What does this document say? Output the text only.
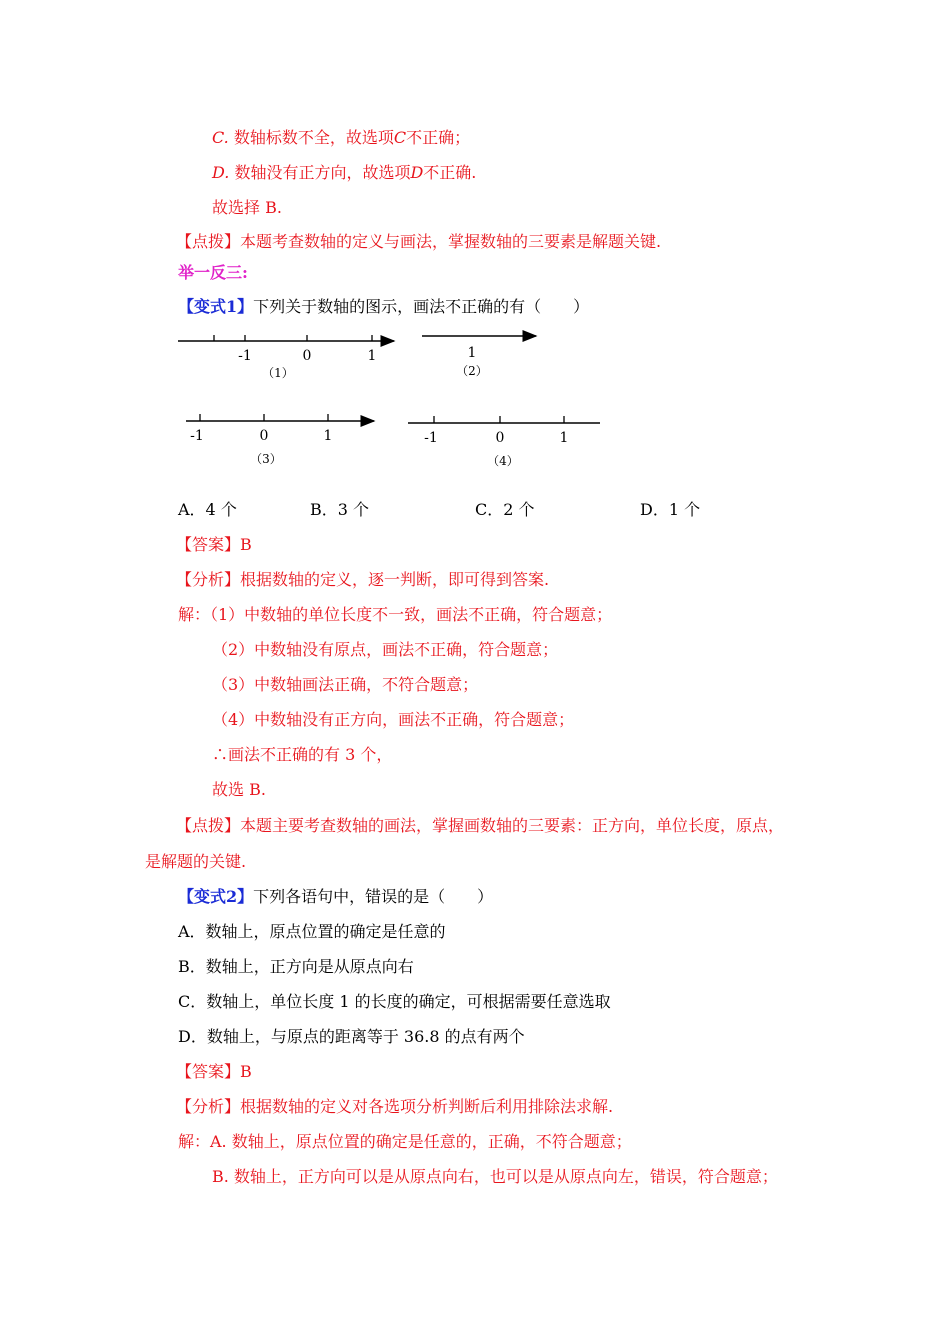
C. 数轴标数不全，故选项C不正确；
D. 数轴没有正方向，故选项D不正确.
故选择 B.
【点拨】本题考查数轴的定义与画法，掌握数轴的三要素是解题关键.
举一反三:
【变式1】下列关于数轴的图示，画法不正确的有（　　）
-1	0	1
（1）
1
（2）
-1	0	1
（3）
-1	0	1
（4）
A．4 个	B．3 个	C．2 个	D．1 个
【答案】B
【分析】根据数轴的定义，逐一判断，即可得到答案.
解：（1）中数轴的单位长度不一致，画法不正确，符合题意；
（2）中数轴没有原点，画法不正确，符合题意；
（3）中数轴画法正确，不符合题意；
（4）中数轴没有正方向，画法不正确，符合题意；
∴画法不正确的有 3 个，
故选 B.
【点拨】本题主要考查数轴的画法，掌握画数轴的三要素：正方向，单位长度，原点，
是解题的关键.
【变式2】下列各语句中，错误的是（　　）
A．数轴上，原点位置的确定是任意的
B．数轴上，正方向是从原点向右
C．数轴上，单位长度 1 的长度的确定，可根据需要任意选取
D．数轴上，与原点的距离等于 36.8 的点有两个
【答案】B
【分析】根据数轴的定义对各选项分析判断后利用排除法求解.
解：A. 数轴上，原点位置的确定是任意的，正确，不符合题意；
B. 数轴上，正方向可以是从原点向右，也可以是从原点向左，错误，符合题意；
